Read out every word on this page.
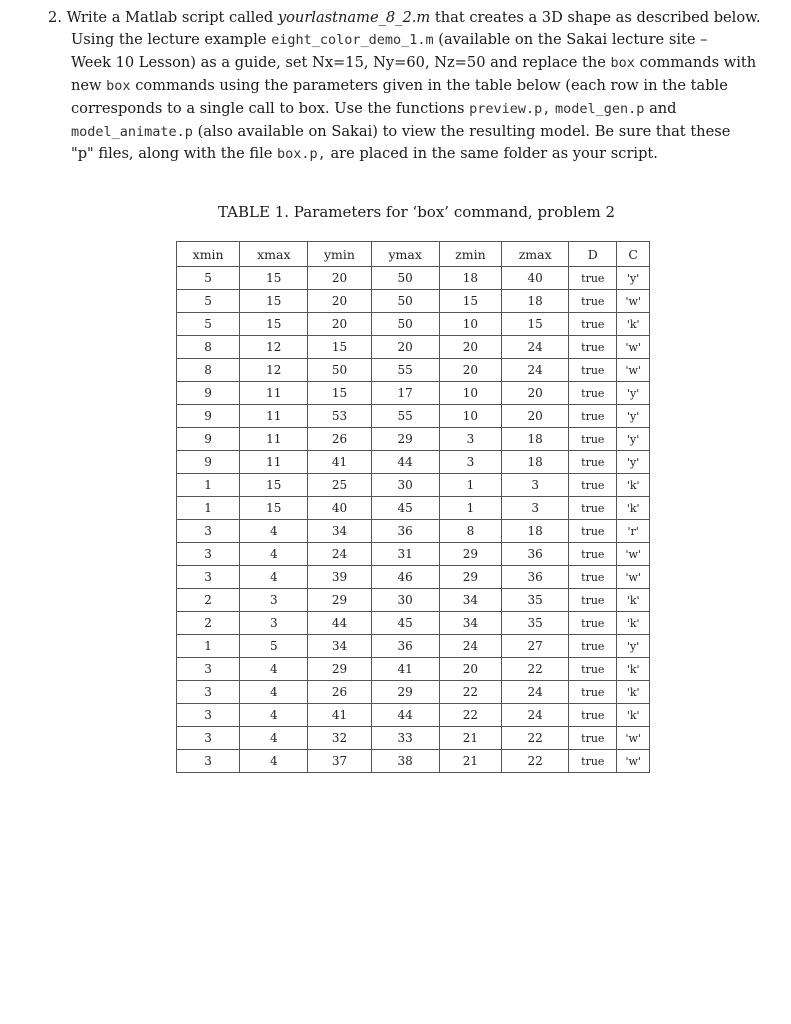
2. Write a Matlab script called yourlastname_8_2.m that creates a 3D shape as described below.
Using the lecture example eight_color_demo_1.m (available on the Sakai lecture site –
Week 10 Lesson) as a guide, set Nx=15, Ny=60, Nz=50 and replace the box commands with
new box commands using the parameters given in the table below (each row in the table
corresponds to a single call to box. Use the functions preview.p, model_gen.p and
model_animate.p (also available on Sakai) to view the resulting model. Be sure that these
"p" files, along with the file box.p, are placed in the same folder as your script.
TABLE 1. Parameters for ‘box’ command, problem 2
xmin	xmax	ymin	ymax	zmin	zmax	D	C
5	15	20	50	18	40	true	'y'
5	15	20	50	15	18	true	'w'
5	15	20	50	10	15	true	'k'
8	12	15	20	20	24	true	'w'
8	12	50	55	20	24	true	'w'
9	11	15	17	10	20	true	'y'
9	11	53	55	10	20	true	'y'
9	11	26	29	3	18	true	'y'
9	11	41	44	3	18	true	'y'
1	15	25	30	1	3	true	'k'
1	15	40	45	1	3	true	'k'
3	4	34	36	8	18	true	'r'
3	4	24	31	29	36	true	'w'
3	4	39	46	29	36	true	'w'
2	3	29	30	34	35	true	'k'
2	3	44	45	34	35	true	'k'
1	5	34	36	24	27	true	'y'
3	4	29	41	20	22	true	'k'
3	4	26	29	22	24	true	'k'
3	4	41	44	22	24	true	'k'
3	4	32	33	21	22	true	'w'
3	4	37	38	21	22	true	'w'
